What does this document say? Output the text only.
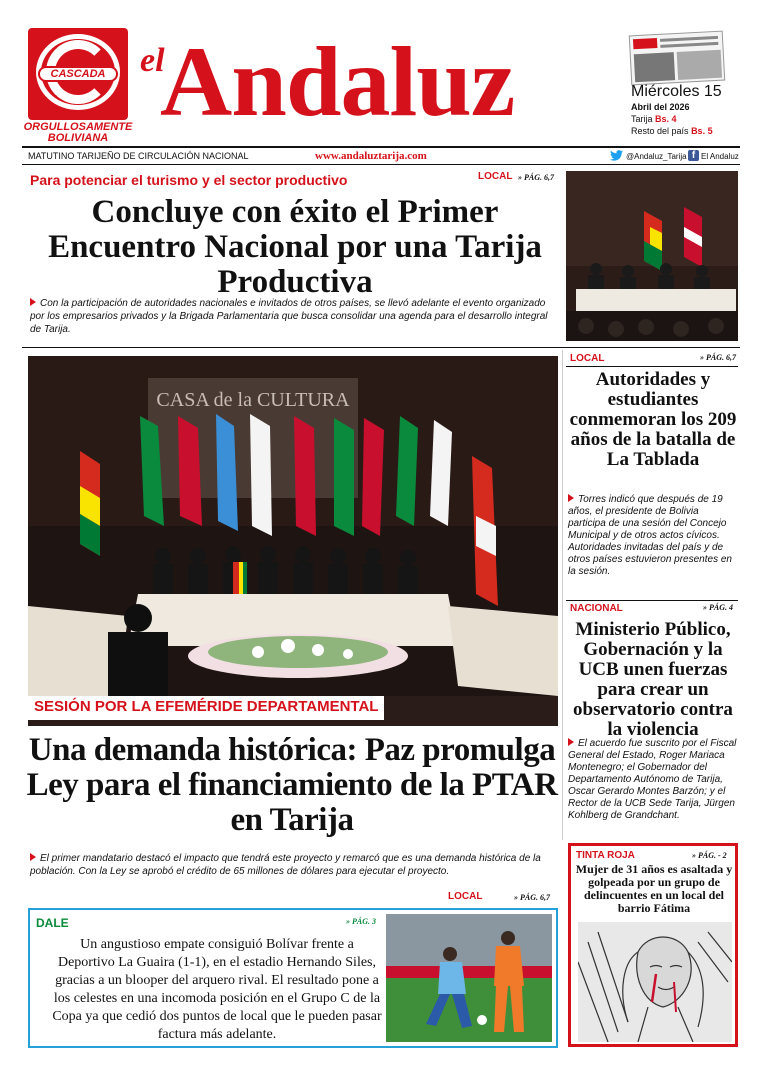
CASCADA
ORGULLOSAMENTE BOLIVIANA
el
Andaluz	Miércoles 15
Abril del 2026
Tarija Bs. 4
Resto del país Bs. 5
MATUTINO TARIJEÑO DE CIRCULACIÓN NACIONAL	www.andaluztarija.com	@Andaluz_Tarija f El Andaluz
Para potenciar el turismo y el sector productivo	LOCAL » PÁG. 6,7
Concluye con éxito el Primer Encuentro Nacional por una Tarija Productiva
Con la participación de autoridades nacionales e invitados de otros países, se llevó adelante el evento organizado por los empresarios privados y la Brigada Parlamentaria que busca consolidar una agenda para el desarrollo integral de Tarija.
CASA de la CULTURA
SESIÓN POR LA EFEMÉRIDE DEPARTAMENTAL
Una demanda histórica: Paz promulga Ley para el financiamiento de la PTAR en Tarija
El primer mandatario destacó el impacto que tendrá este proyecto y remarcó que es una demanda histórica de la población. Con la Ley se aprobó el crédito de 65 millones de dólares para ejecutar el proyecto.
LOCAL	» PÁG. 6,7
LOCAL	» PÁG. 6,7
Autoridades y estudiantes conmemoran los 209 años de la batalla de La Tablada
Torres indicó que después de 19 años, el presidente de Bolivia participa de una sesión del Concejo Municipal y de otros actos cívicos. Autoridades invitadas del país y de otros países estuvieron presentes en la sesión.
NACIONAL	» PÁG. 4
Ministerio Público, Gobernación y la UCB unen fuerzas para crear un observatorio contra la violencia
El acuerdo fue suscrito por el Fiscal General del Estado, Roger Mariaca Montenegro; el Gobernador del Departamento Autónomo de Tarija, Oscar Gerardo Montes Barzón; y el Rector de la UCB Sede Tarija, Jürgen Kohlberg de Grandchant.
TINTA ROJA	» PÁG. - 2
Mujer de 31 años es asaltada y golpeada por un grupo de delincuentes en un local del barrio Fátima
DALE	» PÁG. 3
Un angustioso empate consiguió Bolívar frente a Deportivo La Guaira (1-1), en el estadio Hernando Siles, gracias a un blooper del arquero rival. El resultado pone a los celestes en una incomoda posición en el Grupo C de la Copa ya que cedió dos puntos de local que le pueden pasar factura más adelante.
